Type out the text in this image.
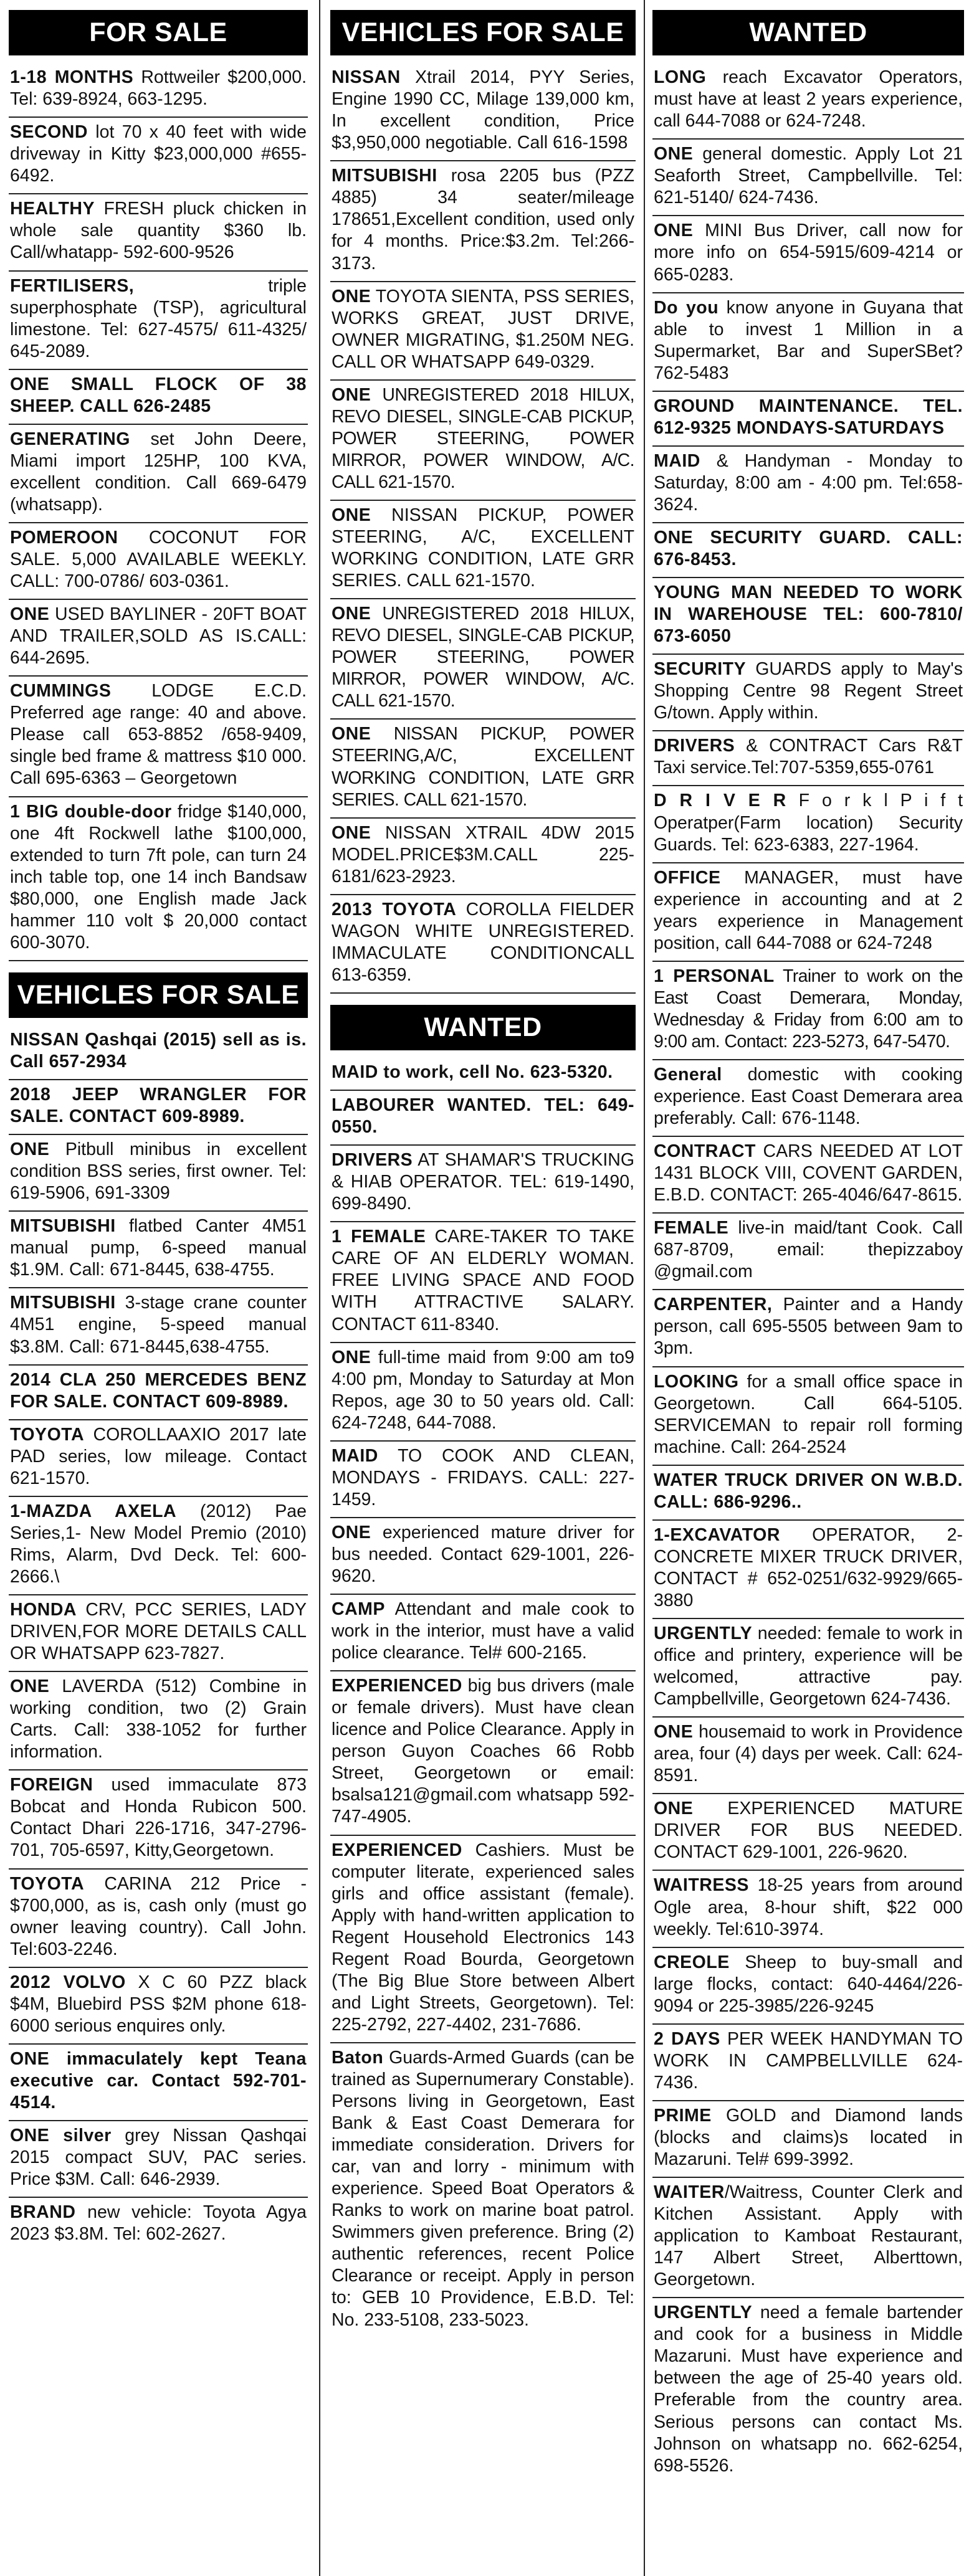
FOR SALE

1-18 MONTHS Rottweiler $200,000. Tel: 639-8924, 663-1295.

SECOND lot 70 x 40 feet with wide driveway in Kitty $23,000,000 #655-6492.

HEALTHY FRESH pluck chicken in whole sale quantity $360 lb. Call/whatapp- 592-600-9526

FERTILISERS, triple superphosphate (TSP), agricultural limestone. Tel: 627-4575/ 611-4325/ 645-2089.

ONE SMALL FLOCK OF 38 SHEEP. CALL 626-2485

GENERATING set John Deere, Miami import 125HP, 100 KVA, excellent condition. Call 669-6479 (whatsapp).

POMEROON COCONUT FOR SALE. 5,000 AVAILABLE WEEKLY. CALL: 700-0786/ 603-0361.

ONE USED BAYLINER - 20FT BOAT AND TRAILER,SOLD AS IS.CALL: 644-2695.

CUMMINGS LODGE E.C.D. Preferred age range: 40 and above. Please call 653-8852 /658-9409, single bed frame & mattress $10 000. Call 695-6363 – Georgetown

1 BIG double-door fridge $140,000, one 4ft Rockwell lathe $100,000, extended to turn 7ft pole, can turn 24 inch table top, one 14 inch Bandsaw $80,000, one English made Jack hammer 110 volt $ 20,000 contact 600-3070.

VEHICLES FOR SALE

NISSAN Qashqai (2015) sell as is. Call 657-2934

2018 JEEP WRANGLER FOR SALE. CONTACT 609-8989.

ONE Pitbull minibus in excellent condition BSS series, first owner. Tel: 619-5906, 691-3309

MITSUBISHI flatbed Canter 4M51 manual pump, 6-speed manual $1.9M. Call: 671-8445, 638-4755.

MITSUBISHI 3-stage crane counter 4M51 engine, 5-speed manual $3.8M. Call: 671-8445,638-4755.

2014 CLA 250 MERCEDES BENZ FOR SALE. CONTACT 609-8989.

TOYOTA COROLLAAXIO 2017 late PAD series, low mileage. Contact 621-1570.

1-MAZDA AXELA (2012) Pae Series,1- New Model Premio (2010) Rims, Alarm, Dvd Deck. Tel: 600-2666.\

HONDA CRV, PCC SERIES, LADY DRIVEN,FOR MORE DETAILS CALL OR WHATSAPP 623-7827.

ONE LAVERDA (512) Combine in working condition, two (2) Grain Carts. Call: 338-1052 for further information.

FOREIGN used immaculate 873 Bobcat and Honda Rubicon 500. Contact Dhari 226-1716, 347-2796-701, 705-6597, Kitty,Georgetown.

TOYOTA CARINA 212 Price - $700,000, as is, cash only (must go owner leaving country). Call John. Tel:603-2246.

2012 VOLVO X C 60 PZZ black $4M, Bluebird PSS $2M phone 618-6000 serious enquires only.

ONE immaculately kept Teana executive car. Contact 592-701-4514.

ONE silver grey Nissan Qashqai 2015 compact SUV, PAC series. Price $3M. Call: 646-2939.

BRAND new vehicle: Toyota Agya 2023 $3.8M. Tel: 602-2627.

VEHICLES FOR SALE

NISSAN Xtrail 2014, PYY Series, Engine 1990 CC, Milage 139,000 km, In excellent condition, Price $3,950,000 negotiable. Call 616-1598

MITSUBISHI rosa 2205 bus (PZZ 4885) 34 seater/mileage 178651,Excellent condition, used only for 4 months. Price:$3.2m. Tel:266-3173.

ONE TOYOTA SIENTA, PSS SERIES, WORKS GREAT, JUST DRIVE, OWNER MIGRATING, $1.250M NEG. CALL OR WHATSAPP 649-0329.

ONE UNREGISTERED 2018 HILUX, REVO DIESEL, SINGLE-CAB PICKUP, POWER STEERING, POWER MIRROR, POWER WINDOW, A/C. CALL 621-1570.

ONE NISSAN PICKUP, POWER STEERING, A/C, EXCELLENT WORKING CONDITION, LATE GRR SERIES. CALL 621-1570.

ONE UNREGISTERED 2018 HILUX, REVO DIESEL, SINGLE-CAB PICKUP, POWER STEERING, POWER MIRROR, POWER WINDOW, A/C. CALL 621-1570.

ONE NISSAN PICKUP, POWER STEERING,A/C, EXCELLENT WORKING CONDITION, LATE GRR SERIES. CALL 621-1570.

ONE NISSAN XTRAIL 4DW 2015 MODEL.PRICE$3M.CALL 225-6181/623-2923.

2013 TOYOTA COROLLA FIELDER WAGON WHITE UNREGISTERED. IMMACULATE CONDITIONCALL 613-6359.

WANTED

MAID to work, cell No. 623-5320.

LABOURER WANTED. TEL: 649-0550.

DRIVERS AT SHAMAR'S TRUCKING & HIAB OPERATOR. TEL: 619-1490, 699-8490.

1 FEMALE CARE-TAKER TO TAKE CARE OF AN ELDERLY WOMAN. FREE LIVING SPACE AND FOOD WITH ATTRACTIVE SALARY. CONTACT 611-8340.

ONE full-time maid from 9:00 am to9 4:00 pm, Monday to Saturday at Mon Repos, age 30 to 50 years old. Call: 624-7248, 644-7088.

MAID TO COOK AND CLEAN, MONDAYS - FRIDAYS. CALL: 227-1459.

ONE experienced mature driver for bus needed. Contact 629-1001, 226-9620.

CAMP Attendant and male cook to work in the interior, must have a valid police clearance. Tel# 600-2165.

EXPERIENCED big bus drivers (male or female drivers). Must have clean licence and Police Clearance. Apply in person Guyon Coaches 66 Robb Street, Georgetown or email: bsalsa121@gmail.com whatsapp 592-747-4905.

EXPERIENCED Cashiers. Must be computer literate, experienced sales girls and office assistant (female). Apply with hand-written application to Regent Household Electronics 143 Regent Road Bourda, Georgetown (The Big Blue Store between Albert and Light Streets, Georgetown). Tel: 225-2792, 227-4402, 231-7686.

Baton Guards-Armed Guards (can be trained as Supernumerary Constable). Persons living in Georgetown, East Bank & East Coast Demerara for immediate consideration. Drivers for car, van and lorry - minimum with experience. Speed Boat Operators & Ranks to work on marine boat patrol. Swimmers given preference. Bring (2) authentic references, recent Police Clearance or receipt. Apply in person to: GEB 10 Providence, E.B.D. Tel: No. 233-5108, 233-5023.

WANTED

LONG reach Excavator Operators, must have at least 2 years experience, call 644-7088 or 624-7248.

ONE general domestic. Apply Lot 21 Seaforth Street, Campbellville. Tel: 621-5140/ 624-7436.

ONE MINI Bus Driver, call now for more info on 654-5915/609-4214 or 665-0283.

Do you know anyone in Guyana that able to invest 1 Million in a Supermarket, Bar and SuperSBet? 762-5483

GROUND MAINTENANCE. TEL. 612-9325 MONDAYS-SATURDAYS

MAID & Handyman - Monday to Saturday, 8:00 am - 4:00 pm. Tel:658-3624.

ONE SECURITY GUARD. CALL: 676-8453.

YOUNG MAN NEEDED TO WORK IN WAREHOUSE TEL: 600-7810/ 673-6050

SECURITY GUARDS apply to May's Shopping Centre 98 Regent Street G/town. Apply within.

DRIVERS & CONTRACT Cars R&T Taxi service.Tel:707-5359,655-0761

D R I V E R F o r k l P i f t Operatper(Farm location) Security Guards. Tel: 623-6383, 227-1964.

OFFICE MANAGER, must have experience in accounting and at 2 years experience in Management position, call 644-7088 or 624-7248

1 PERSONAL Trainer to work on the East Coast Demerara, Monday, Wednesday & Friday from 6:00 am to 9:00 am. Contact: 223-5273, 647-5470.

General domestic with cooking experience. East Coast Demerara area preferably. Call: 676-1148.

CONTRACT CARS NEEDED AT LOT 1431 BLOCK VIII, COVENT GARDEN, E.B.D. CONTACT: 265-4046/647-8615.

FEMALE live-in maid/tant Cook. Call 687-8709, email: thepizzaboy @gmail.com

CARPENTER, Painter and a Handy person, call 695-5505 between 9am to 3pm.

LOOKING for a small office space in Georgetown. Call 664-5105. SERVICEMAN to repair roll forming machine. Call: 264-2524

WATER TRUCK DRIVER ON W.B.D. CALL: 686-9296..

1-EXCAVATOR OPERATOR, 2- CONCRETE MIXER TRUCK DRIVER, CONTACT # 652-0251/632-9929/665-3880

URGENTLY needed: female to work in office and printery, experience will be welcomed, attractive pay. Campbellville, Georgetown 624-7436.

ONE housemaid to work in Providence area, four (4) days per week. Call: 624-8591.

ONE EXPERIENCED MATURE DRIVER FOR BUS NEEDED. CONTACT 629-1001, 226-9620.

WAITRESS 18-25 years from around Ogle area, 8-hour shift, $22 000 weekly. Tel:610-3974.

CREOLE Sheep to buy-small and large flocks, contact: 640-4464/226-9094 or 225-3985/226-9245

2 DAYS PER WEEK HANDYMAN TO WORK IN CAMPBELLVILLE 624-7436.

PRIME GOLD and Diamond lands (blocks and claims)s located in Mazaruni. Tel# 699-3992.

WAITER/Waitress, Counter Clerk and Kitchen Assistant. Apply with application to Kamboat Restaurant, 147 Albert Street, Alberttown, Georgetown.

URGENTLY need a female bartender and cook for a business in Middle Mazaruni. Must have experience and between the age of 25-40 years old. Preferable from the country area. Serious persons can contact Ms. Johnson on whatsapp no. 662-6254, 698-5526.
